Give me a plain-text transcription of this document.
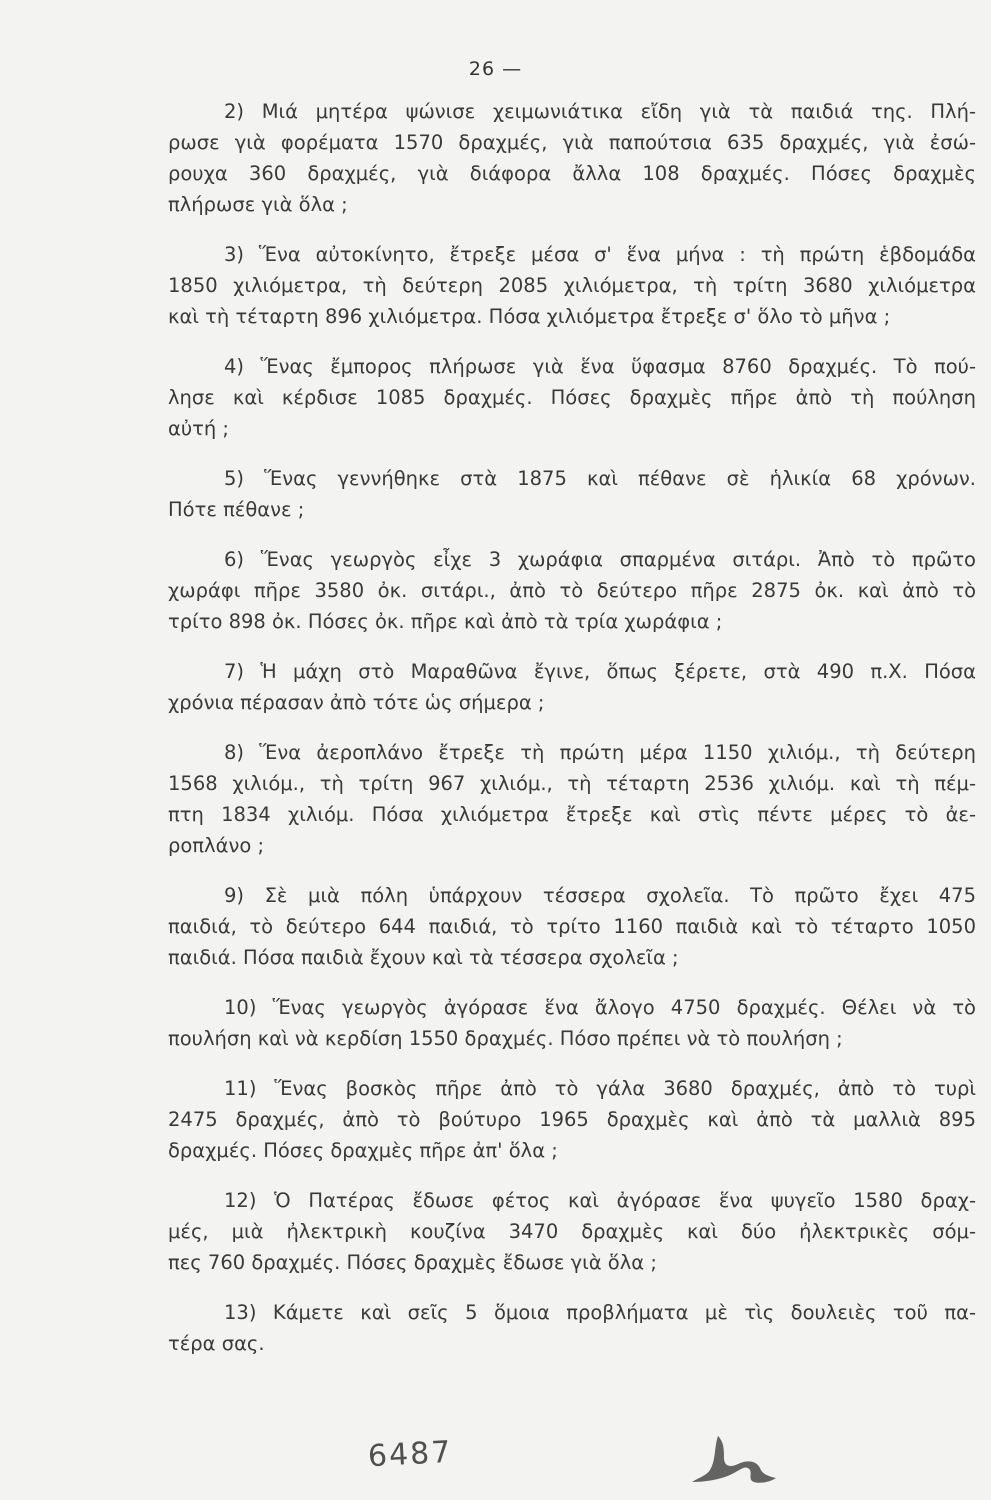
26 —
2) Μιά μητέρα ψώνισε χειμωνιάτικα εἴδη γιὰ τὰ παιδιά της. Πλή-
ρωσε γιὰ φορέματα 1570 δραχμές, γιὰ παπούτσια 635 δραχμές, γιὰ ἐσώ-
ρουχα 360 δραχμές, γιὰ διάφορα ἄλλα 108 δραχμές. Πόσες δραχμὲς
πλήρωσε γιὰ ὅλα ;
3) Ἕνα αὐτοκίνητο, ἔτρεξε μέσα σ' ἕνα μήνα : τὴ πρώτη ἑβδομάδα
1850 χιλιόμετρα, τὴ δεύτερη 2085 χιλιόμετρα, τὴ τρίτη 3680 χιλιόμετρα
καὶ τὴ τέταρτη 896 χιλιόμετρα. Πόσα χιλιόμετρα ἔτρεξε σ' ὅλο τὸ μῆνα ;
4) Ἕνας ἔμπορος πλήρωσε γιὰ ἕνα ὕφασμα 8760 δραχμές. Τὸ πού-
λησε καὶ κέρδισε 1085 δραχμές. Πόσες δραχμὲς πῆρε ἀπὸ τὴ πούληση
αὐτή ;
5) Ἕνας γεννήθηκε στὰ 1875 καὶ πέθανε σὲ ἡλικία 68 χρόνων.
Πότε πέθανε ;
6) Ἕνας γεωργὸς εἶχε 3 χωράφια σπαρμένα σιτάρι. Ἀπὸ τὸ πρῶτο
χωράφι πῆρε 3580 ὀκ. σιτάρι., ἀπὸ τὸ δεύτερο πῆρε 2875 ὀκ. καὶ ἀπὸ τὸ
τρίτο 898 ὀκ. Πόσες ὀκ. πῆρε καὶ ἀπὸ τὰ τρία χωράφια ;
7) Ἡ μάχη στὸ Μαραθῶνα ἔγινε, ὅπως ξέρετε, στὰ 490 π.Χ. Πόσα
χρόνια πέρασαν ἀπὸ τότε ὡς σήμερα ;
8) Ἕνα ἀεροπλάνο ἔτρεξε τὴ πρώτη μέρα 1150 χιλιόμ., τὴ δεύτερη
1568 χιλιόμ., τὴ τρίτη 967 χιλιόμ., τὴ τέταρτη 2536 χιλιόμ. καὶ τὴ πέμ-
πτη 1834 χιλιόμ. Πόσα χιλιόμετρα ἔτρεξε καὶ στὶς πέντε μέρες τὸ ἀε-
ροπλάνο ;
9) Σὲ μιὰ πόλη ὑπάρχουν τέσσερα σχολεῖα. Τὸ πρῶτο ἔχει 475
παιδιά, τὸ δεύτερο 644 παιδιά, τὸ τρίτο 1160 παιδιὰ καὶ τὸ τέταρτο 1050
παιδιά. Πόσα παιδιὰ ἔχουν καὶ τὰ τέσσερα σχολεῖα ;
10) Ἕνας γεωργὸς ἀγόρασε ἕνα ἄλογο 4750 δραχμές. Θέλει νὰ τὸ
πουλήση καὶ νὰ κερδίση 1550 δραχμές. Πόσο πρέπει νὰ τὸ πουλήση ;
11) Ἕνας βοσκὸς πῆρε ἀπὸ τὸ γάλα 3680 δραχμές, ἀπὸ τὸ τυρὶ
2475 δραχμές, ἀπὸ τὸ βούτυρο 1965 δραχμὲς καὶ ἀπὸ τὰ μαλλιὰ 895
δραχμές. Πόσες δραχμὲς πῆρε ἀπ' ὅλα ;
12) Ὁ Πατέρας ἔδωσε φέτος καὶ ἀγόρασε ἕνα ψυγεῖο 1580 δραχ-
μές, μιὰ ἠλεκτρικὴ κουζίνα 3470 δραχμὲς καὶ δύο ἠλεκτρικὲς σόμ-
πες 760 δραχμές. Πόσες δραχμὲς ἔδωσε γιὰ ὅλα ;
13) Κάμετε καὶ σεῖς 5 ὅμοια προβλήματα μὲ τὶς δουλειὲς τοῦ πα-
τέρα σας.
6487
